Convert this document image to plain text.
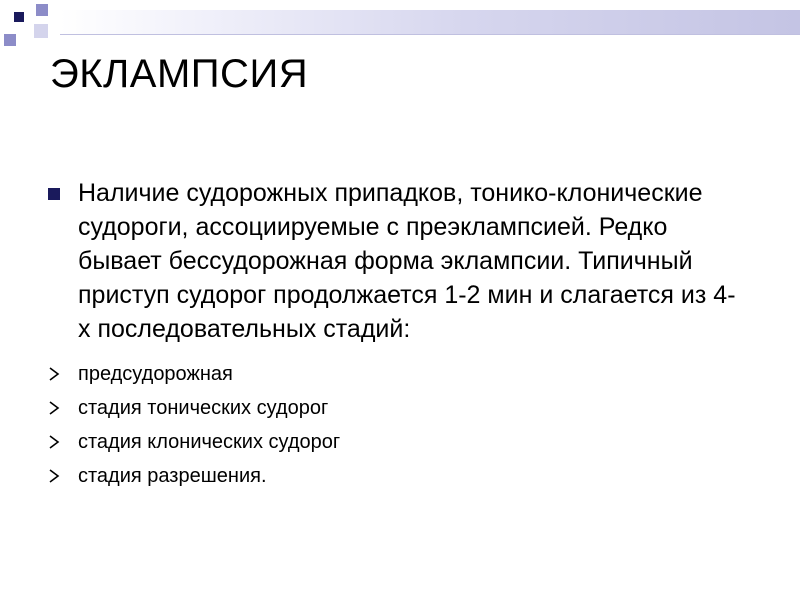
ЭКЛАМПСИЯ
Наличие судорожных припадков, тонико-клонические судороги, ассоциируемые с преэклампсией. Редко бывает бессудорожная форма эклампсии. Типичный приступ судорог продолжается 1-2 мин и слагается из 4-х последовательных стадий:
предсудорожная
стадия тонических судорог
стадия клонических судорог
стадия разрешения.
